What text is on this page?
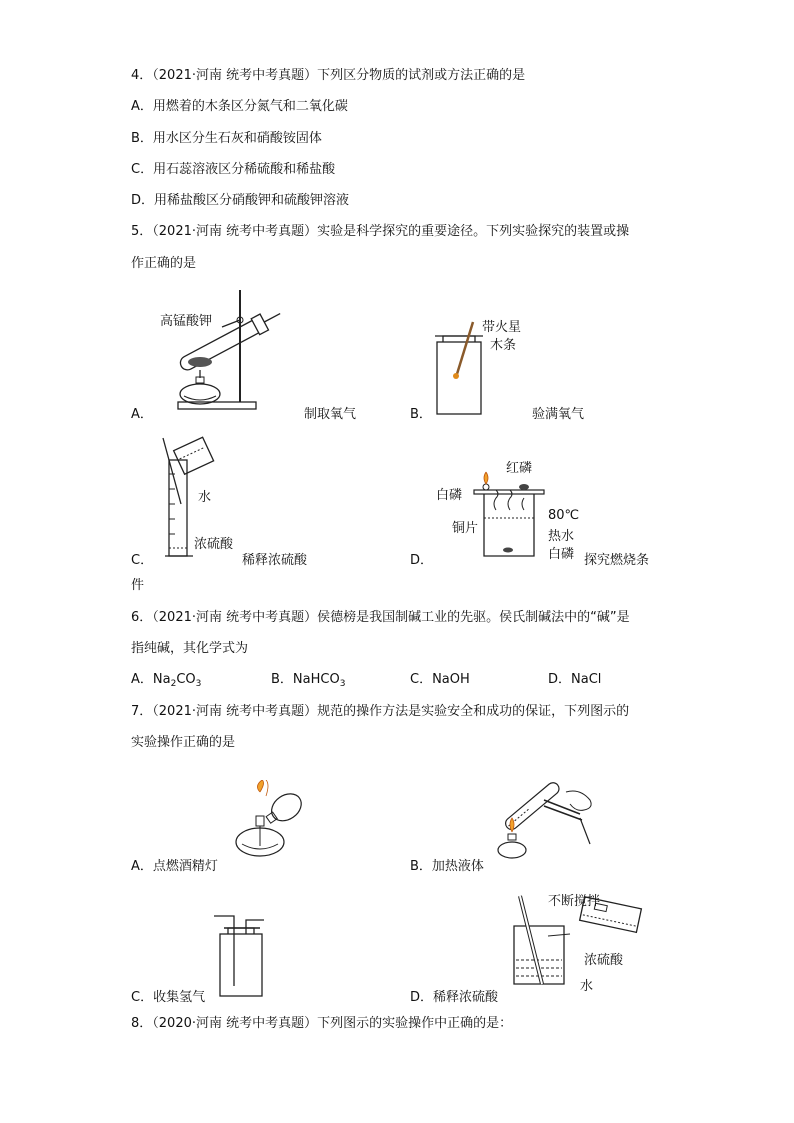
4．（2021·河南 统考中考真题）下列区分物质的试剂或方法正确的是
A．用燃着的木条区分氮气和二氧化碳
B．用水区分生石灰和硝酸铵固体
C．用石蕊溶液区分稀硫酸和稀盐酸
D．用稀盐酸区分硝酸钾和硫酸钾溶液
5．（2021·河南 统考中考真题）实验是科学探究的重要途径。下列实验探究的装置或操
作正确的是
高锰酸钾
A．	制取氧气
带火星
木条
B．	验满氧气
水
浓硫酸
C．	稀释浓硫酸
红磷
白磷
80℃
铜片
热水
白磷
D．	探究燃烧条
件
6．（2021·河南 统考中考真题）侯德榜是我国制碱工业的先驱。侯氏制碱法中的“碱”是
指纯碱，其化学式为
A．$Na_2CO_3$	B．NaHCO$_3$	C．NaOH	D．NaCl
7．（2021·河南 统考中考真题）规范的操作方法是实验安全和成功的保证，下列图示的
实验操作正确的是
A．点燃酒精灯	B．加热液体
C．收集氢气
不断搅拌
浓硫酸
水
D．稀释浓硫酸
8．（2020·河南 统考中考真题）下列图示的实验操作中正确的是：
